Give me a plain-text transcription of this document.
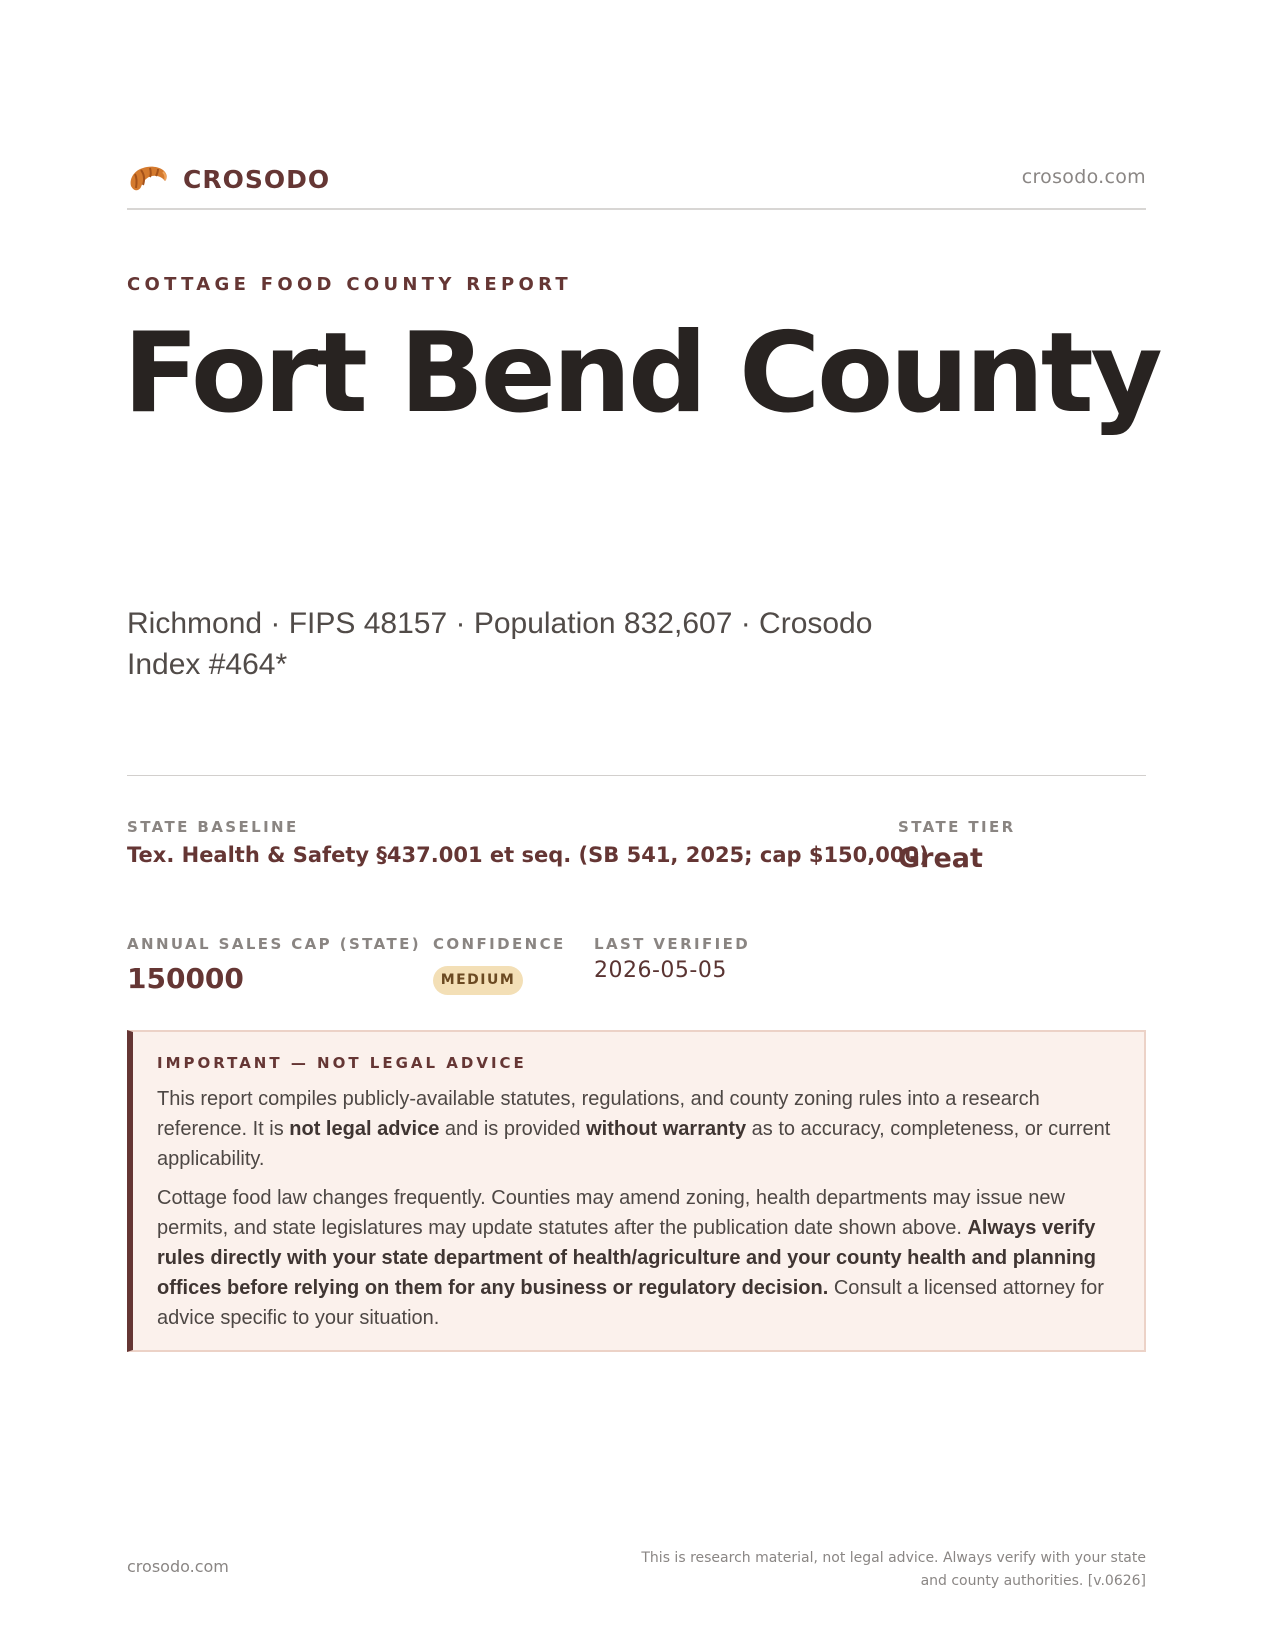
CROSODO	crosodo.com
COTTAGE FOOD COUNTY REPORT
Fort Bend County
Richmond · FIPS 48157 · Population 832,607 · Crosodo Index #464*
STATE BASELINE
Tex. Health & Safety §437.001 et seq. (SB 541, 2025; cap $150,000)
STATE TIER
Great
ANNUAL SALES CAP (STATE)
150000
CONFIDENCE
MEDIUM
LAST VERIFIED
2026-05-05
IMPORTANT — NOT LEGAL ADVICE

This report compiles publicly-available statutes, regulations, and county zoning rules into a research reference. It is not legal advice and is provided without warranty as to accuracy, completeness, or current applicability.

Cottage food law changes frequently. Counties may amend zoning, health departments may issue new permits, and state legislatures may update statutes after the publication date shown above. Always verify rules directly with your state department of health/agriculture and your county health and planning offices before relying on them for any business or regulatory decision. Consult a licensed attorney for advice specific to your situation.

crosodo.com	This is research material, not legal advice. Always verify with your state
and county authorities. [v.0626]
